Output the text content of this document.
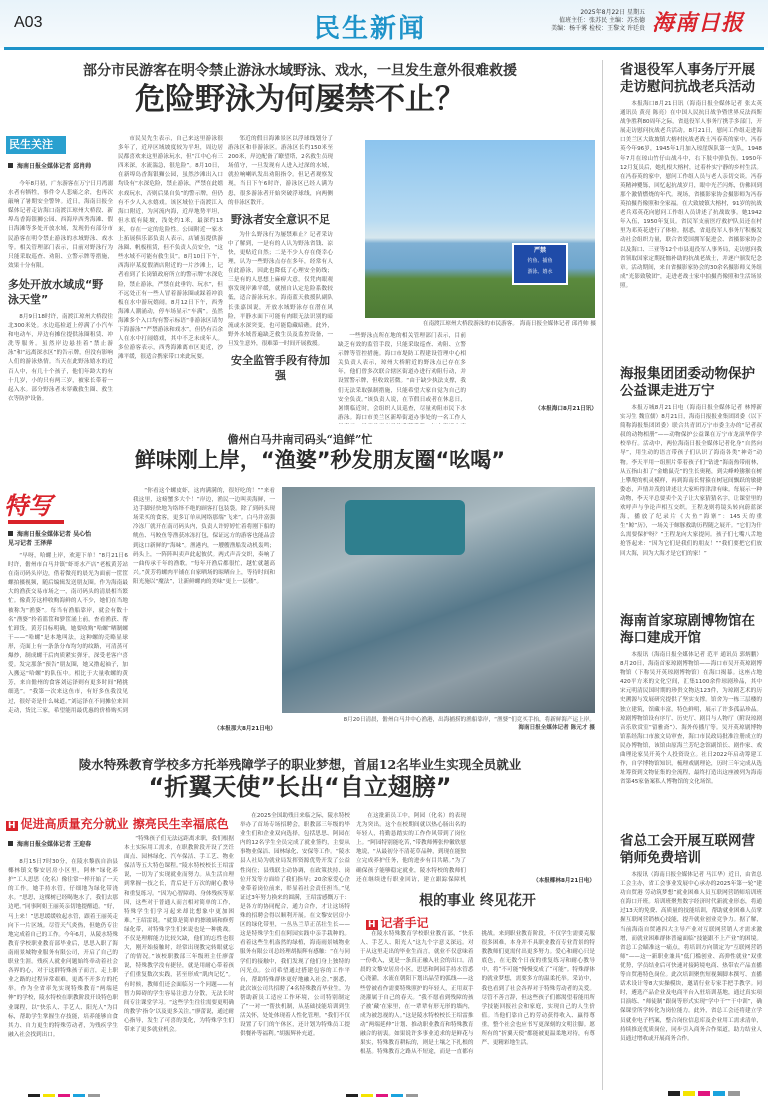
A03	民生新闻
2025年8月22日 星期五
值班主任：张苏民 主编：苏杰德
美编：杨千雾 检校：王黎文 许廷贵 海南日报
部分市民游客在明令禁止游泳水域野泳、戏水，一旦发生意外很难救援
危险野泳为何屡禁不止？
民生关注
海南日报全媒体记者 邱肖帅

今年8月初，广东游客在万宁日月湾溺水者有牺牲，事件令人悲痛之余，也再次敲响了暑期安全警钟。近日，海南日报全媒体记者走访海口南渡江琼州大桥段、新埠岛香海银狮公园、西海岸西秀海滩、假日海滩等多处开放水域，发现仍有部分市民游客在明令禁止游泳的水域野泳、戏水等。相关管理部门表示，目前对野泳行为只能采取巡查、劝阻、立警示牌等措施，效果十分有限。

多处开放水域成“野泳天堂”

8月9日18时许，南渡江琼州大桥段往北300米处。水边巡检道上停满了小汽车和电动车，岸边有摊位提供泳圈租赁、冲洗等服务。虽然岸边悬挂着“禁止游泳”和“远离深水区”的告示牌，但没有影响人们的游泳热情。当天在此野泳嬉水的近百人中，有几十个孩子，他们年龄大的有十几岁，小的只有两三岁，被家长带着一起入水。部分野泳者未穿戴救生圈、救生衣等防护设备。

市民吴先生表示，自己来这里游泳很多年了，近岸区域坡度较为平坦，周边居民都喜欢来这里游泳玩水，但“江中心有三四米深，水流湍急，很危险”。8月10日，在新埠岛香海银狮公园，虽然沙滩出入口均设有“水深危险，禁止游泳，严禁在此嬉水戏玩水，否则后果自负”的警示牌，但仍有不少人入水嬉戏。该区域位于南渡江入海口附近，为河流内海，近岸地势平坦，但水底有陡坡，浅处约1米，最深约13米，存在一定的危险性。公园附近一家水上拓展俱乐部负责人表示，店铺虽提供游泳圈、帆板租赁，但不负责人员安全，“这些水域不可能有救生员”。8月10日下午，西海岸某度假酒店附近的一片沙滩上，记者看到了长岗镇政府所立的警示牌“水深危险，禁止游泳，严禁在此垂钓、玩水”，但不远处正有一些人冒着游泳圈或踩着冲浪板在水中游玩嬉闹。8月12日下午，西秀海滩人潮涌动，停车场显示“车满”。虽然海滩多个入口均有警示标语“非游泳区请勿下海游泳”“严禁游泳和戏水”，但仍有百余人在水中打闹嬉戏，其中不乏未成年人。多位游客表示，西秀海滩离市区更近，沙滩平缓，很适合携家带口来此玩耍。

邻近的假日海滩景区以浮球线划分了游泳区和非游泳区。游泳区长约150米至200米，岸边配备了瞭望塔，2名救生员现场值守，一旦发现有人进入过深的水域，就拉响喇叭发出劝阻指令。但记者观察发现，当日下午6时许，游泳区已经人满为患，很多游泳者开始突破浮球线，向两侧的非泳区散开。

野泳者安全意识不足

为什么野泳行为屡禁难止？记者采访中了解到，一是有的人认为野泳省钱、凉快，更贴近自然；二是不少人存在侥幸心理，认为一些野泳点存在多年，经常有人在此游泳，因此也降低了心理安全防线；三是有的人思想上麻痹大意，仅凭肉眼观察发现岸滩平缓，就擅自认定危险系数较低，适合游泳玩水。海南蓝天救援队副队长张嘉国说，开放水域野泳存在潜在风险，平静水面下可能有肉眼无法识别的暗流或水深突变，也可能隐藏暗礁。此外，野外水域普遍缺乏救生员及监控设备，一旦发生意外，很难第一时间开展救援。

安全监管手段有待加强
严禁
钓鱼、捕鱼
游泳、嬉水
在南渡江琼州大桥段游泳的市民游客。 海南日报全媒体记者 邱肖帅 摄

一些野泳点所在地的相关管理部门表示，目前缺乏有效的监管手段，只能采取巡查、劝阻、立警示牌等管控措施。海口市堤防工程建设管理中心相关负责人表示，琼州大桥附近的野泳点已存在多年，他们曾多次联合辖区街道办进行劝阻行动，并设置警示牌，但收效甚微。“由于缺少执法支撑，我们无法采取强制措施，只能希望大家自觉为自己的安全负责。”该负责人说，在节假日或者在休息日，暑期临近时，会组织人员巡查，尽量劝阻市民下水游泳。海口市美兰区新埠街道办事处的一名工作人

（本报海口8月21日讯）
儋州白马井南司码头“追鲜”忙
鲜味刚上岸，“渔婆”秒发朋友圈“吆喝”
特写
海南日报全媒体记者 吴心怡
见习记者 王泽萍

“早呀，哈螺上岸，欢迎下单！”8月21日6时许，儋州市白马井镇“虾哥水产店”老板黄芳站在南司码头岸边，借着微亮的晨光为面前一筐筐螺拍摄视频，随后编辑发送朋友圈。作为海南最大的渔获交易市场之一，南司码头的清晨相当繁忙。像黄芳这样收购海鲜的人不少，她们在当地被称为“渔婆”。每当有渔船靠岸，就会有数十名“渔婆”拎着篮筐和箩筐涌上前，查看渔获、帮忙卸货。黄芳目标明确，她要收购“哈螺”晒制螺干——“哈螺”是本地叫法，这种螺的壳略显球形，壳面上有一条条分布均匀的纹路，可清蒸可爆炒，制成螺干后肉质紧实弹牙，深受老客户喜爱。发完那条“预告”朋友圈，她又撸起袖子，加入搬运“哈螺”的队伍中。相比于大量收螺的黄芳，来自儋州的食客刘运泽则有更多时间“精挑细选”。“我第一次来这鱼市，有好多鱼我没见过，很好奇是什么味道。”刘运泽在不同摊位来回走动，货比三家，希望能用最优惠的价格购买到

“你看这个螺皮虾，这肉满满的，很好吃的！”“来看我这里，这螃蟹多大个！”岸边，渔民一边叫卖海鲜，一边手脚轻快地为络绎不绝的顾客打包装袋。除了到码头现场采买的食客，更多订单从网络那端“飞来”。白马井富强冷冻厂就开在南司码头内，负责人许婷婷忙着将刚下船的鱿鱼、马鲛鱼等渔获冰冻打包，保证远方的游客也能品尝到这口新鲜的“海味”。渔港内，一艘艘渔船发动机轰鸣；码头上，一阵阵叫卖声此起彼伏。两式声音交织，奏响了一曲传承千年的渔歌。“每年开渔后都很忙，越忙就越高兴。”黄芳将螺肉平铺在自家晒场的晾晒台上，等待时间和阳光施以“魔法”，让新鲜螺肉的美味“更上一层楼”。

（本报那大8月21日电）
8月20日清晨，儋州白马井中心渔港，出海捕捞的渔船靠岸，“渔婆”们竞买手抬，将新鲜海产运上岸。
海南日报全媒体记者 陈元才 摄
陵水特殊教育学校多方托举残障学子的职业梦想，首届12名毕业生实现全员就业
“折翼天使”长出“自立翅膀”
H 促进高质量充分就业 擦亮民生幸福底色
海南日报全媒体记者 王迎春

8月15日7时30分，在陵水黎族自治县椰林镇文黎安居房小区里，阿林“绿化养护”工人思思（化名）像往常一样开始了一天的工作。她手持水管，仔细地为绿化带浇水。“思思，这棵树已经喝饱水了，我们去那边吧。”同事阿姐王丽英亲切地提醒道。“好，马上来！”思思缓缓收起水管，跟着王丽英走向下一片区域。尽管天气炎热，但她仍专注地完成着自己的工作。今年6月，从陵水特殊教育学校职业教育部毕业后，思思入职了海南雨景城物业服务有限公司，开启了自己的职业生涯。残疾人就业问题始终牵动着社会各界的心，对于这群特殊孩子而言，走上职业之路的过程异常艰难，更离不开多方的托举。作为全省率先实现特殊教育“两端延伸”的学校，陵水特校在职教阶段开设特色职业课程，以“快乐人、手艺人、阳光人”为目标，帮助学生掌握生存技能，培养能够自食其力、自力更生的特殊劳动者，为残疾学生融入社会找到出口。

“特殊孩子们无法远距离求职，我们根据本土实际用工需求，在职教阶段开设了烹饪面点、园林绿化、汽车保洁、手工艺、物业保洁等五大特色课程。”陵水特校校长王绍雷说，一切为了实现就业而努力。从生活自理到掌握一技之长，背后是千万次的耐心教导和重复练习。“因为心智障碍、身体残疾等原因，这些对于普通人而言相对简单的工作，特殊学生们学习起来却比想象中更加困难。”王绍雷说。“就算是简单的擦玻璃和修剪绿化带，对特殊学生们来说也是一种挑战。不仅是理解能力比较欠缺，他们的忘性也很大，刚开始接触时，经常出现教完转眼就忘了的情况。”该校职教部三年级班主任廖蕾说，特殊教学没有捷径，就是用耐心带着孩子们重复数次实践，甚至形成“肌肉记忆”。有时候，教师们还会面临另一个问题——有智力障碍的学生容易注意力分散，无法长时间专注课堂学习。“这些学生往往需要更明确的教学‘指令’以及更多关注。”廖蕾说，通过耐心指导，发生了可喜的变化，为特殊学生们带来了更多就业机会。

在2025全国助残日来临之际，陵水特校举办了首场专场招聘会，职教部三年级的毕业生们和企业双向选择，包括思思、阿园在内的12名学生全员完成了就业签约，主要从事物业保洁、园林绿化、安保等工作。“陵水县人社局为就业局发挥资源优势开发了公益性岗位；县残联主动协调，在政策扶持、岗位开发等方面给了我们指导；20余家爱心企业带着岗位前来，彰显着社会责任担当。”见证过3年努力换来的圆满，王绍雷感慨万千：是各方的协同配合，通力合作，才让这场特殊的招聘会得以顺利开展。在文黎安居房小区的绿化带里，一丛丛兰草正茁壮生长——这是特殊学生们在阿园实践中亲手栽种的。看着这些生机盎然的绿植，海南雨景城物业服务有限公司总经理胡振辉有感触：“在与同学们的接触中，我们发现了他们身上独特的闪光点。公司希望通过搭建包容的工作平台，帮助特殊群体更好地融入社会。”据悉，此次该公司共招聘了4名特殊教育毕业生。为帮助新员工适应工作环境，公司特别制定了“一对一”帮扶机制，从基础技能培训到生活关怀，处处体现着人性化管理。“我们不仅设置了专门的午休区，还计划为特殊员工提供餐补等福利。”胡振辉补充道。

在这批新员工中，阿园（化名）的表现尤为突出。这个在校期间就以热心肠出名的年轻人，将勤恳踏实的工作作风带到了岗位上。“阿园特别能吃苦，”带教师傅张仲徽欣慰地说，“从最初分不清花草品种，到现在能独立完成养护任务，他的进步有目共睹。”为了确保孩子能够稳定就业，陵水特校的教师们还在继续进行职业回访，建立跟踪保障机	（本报椰林8月21日电）
根的事业 终见花开
H 记者手记

在陵水特殊教育学校职业教育部，“快乐人、手艺人、阳光人”这九个字意义深远。对于从这里走出的毕业生而言，就业不仅意味着一份收入，更是一条真正融入社会的出口。清晨的文黎安居房小区，思思和阿园手持水管悉心浇灌，水流在朝阳下划出晶莹的弧线——这些曾被看作需要特殊照护的年轻人，正用双手浇灌属于自己的春天。“我不愿看到残障的孩子被‘藏’在家里，在一辈辈有形无形的墙内，成为被忽视的人。”这是陵水特校校长王绍雷推动“两端延伸”计划、推动职业教育和特殊教育融合的初衷。如果说许多事业追求的是鲜花与果实，特殊教育耕耘的，则是土壤之下扎根的根基。特殊教育之路从不短途，而是一直都有挑战。来到职业教育阶段，不仅学生需要克服很多困难，本身并不具职业教育专业背景的特教教师们更需付出更多努力。爱心和耐心只是底色，在无数个日夜的重复练习和耐心教导中，将“不可能”慢慢变成了“可能”。特殊群体的就业梦想，需要多方的温柔托举。采访中，我也看到了社会各界对于特殊劳动者的关爱。尽管不善言辞，但这些孩子们都渴望着能用所学技能回报社会和家庭，实现自己的人生价值。当他们靠自己的劳动获得收入、赢得尊重，整个社会也应书写更深刻的文明注脚。愿所有的“折翼天使”都能被更温柔地对待，有尊严、更精彩地生活。

省退役军人事务厅开展走访慰问抗战老兵活动

本报海口8月21日讯（海南日报全媒体记者 张太英 通讯员 黄亮 陈亮）在中国人民抗日战争暨世界反法西斯战争胜利80周年之际，省退役军人事务厅携手多部门，开展走访慰问抗战老兵活动。8月21日，慰问工作组走进海口美兰区大致坡镇大榕村抗战老战士冯春英的家中。冯春英今年96岁，1945年1月加入琼崖纵队第一支队，1948年7月在琼山竹仔山战斗中，右下肢中弹负伤。1950年12月复员后，她扎根大榕村，过着朴实宁静的乡村生活。在冯春英的家中，慰问工作组人员与老人亲切交谈。冯春英精神矍铄，回忆起抗战岁月，眼中光芒闪烁，仿佛回到那个激情燃烧的年代。现场，省摄影家协会摄影师为冯春英拍摄肖像照和全家福。在大致坡镇大榕村，91岁的抗战老兵邓英花向慰问工作组人员讲述了抗战故事。她1942年入伍，1950年复员。省民军支前医疗救护队员还在村里为邓英花进行了体检。据悉，省退役军人事务厅积极发动社会组织力量，联合省爱国拥军促进会、省摄影家协会以及海口、三亚等12个市县退役军人事务局，走访慰问我省领取国家定期抚恤补助的抗战老战士，并逐户颁发纪念章。活动期间，来自省摄影家协会的30余名摄影师义务组成“光影致敬团”，走进老战士家中拍摄肖像照和生活场景照。

海报集团团委动物保护公益课走进万宁

本报万城8月21日电（海南日报全媒体记者 林博新 实习生 魏宣儒）8月21日，海南日报报业集团团委（以下简称海报集团团委）联合共青团万宁市委主办的“记者叔叔的动物相册”——动物保护公益课在万宁市龙滚华侨学校举行。活动中，两位海南日报全媒体记者化身“自然向导”，用生动的语言带孩子们认识了海南各类“神奇”动物。李天平用一组照片带着孩子们“钻进”海南热带雨林，从五指山扣了“金蟾鼠壳”的生长奥秘，到尖峰岭猕猴在树上攀爬的机灵模样，再到海南长臂猿在树冠间飘跃的敏捷姿态，声情并茂的讲述让大家听得津津有味。每展示一种动物，李天平总要卖个关子让大家猜猜名字，让课堂里的欢呼声与争论声相互交织。王程龙则将镜头转向蔚蓝深海，播放了纪录片《大鱼“海寨”：145天的重生“鲸”历》，一场关于鲸豚救助历程随之展开。“它们为什么需要保护呀？”王程龙向大家提问。孩子们七嘴八舌地抢答起来：“因为它们是我们的朋友！”“我们要把它们放回大海，因为大海才是它们的家！”

海南首家琼剧博物馆在海口建成开馆

本报讯（海南日报全媒体记者 范平 通讯员 郭炳鹏）8月20日，海南首家琼剧博物馆——海口市吴开英琼剧博物馆（下称吴开英琼剧博物馆）在海口揭幕。这座占地420平方米的文化空间，汇集1100余件琼剧珍品，其中宋元明清民国时期的珍贵文物达123件，为琼剧艺术的历史溯源与发展研究提供了坚实支撑。馆舍为一栋三层楼的独立建筑，馆藏丰富，特色鲜明，展示了许多孤品珍品。琼剧博物馆设有序厅、历史厅、剧目与人物厅（附设琼剧音乐欣赏室“留雅斋”）、海外传播厅等。吴开英琼剧博物馆系经海口市旅文局审查，海口市民政局批准注册成立的民办博物馆，该馆由原海兰芳纪念馆副馆长、剧作家、戏曲理论家吴开英个人投资设立。社日2022年启动筹建工作，自学博物馆知识，梳理戏剧理论，历时三年完成从选址筹资到文物征集的全流程，最终打造出这座被列为海南省第45家备案私人博物馆的文化场馆。

省总工会开展互联网营销师免费培训

本报讯（海南日报全媒体记者 马江华）近日，由省总工会主办，省工会事业发展中心承办的2025年第一轮“建功自贸港 劳动筑梦想”就业困难人员互联网营销师培训班在海口开班。培训班聚焦数字经济时代新就业形态，将通过13天的免费、高质量的技能培训，帮助就业困难人员掌握互联网营销核心技能，提升就业创业竞争力。据了解，当前海南自贸港四大主导产业对互联网营销人才需求激增，而就业困难群体普遍面临“技能跟不上产业”的困境。省总工会瞄准这一痛点，将培训方向锁定为“互联网营销师”——这一新职业兼具“低门槛创业、高弹性就业”双重优势，学员结业后可快速对接跨境电商、热带农产品直播等自贸港特色岗位。此次培训聚焦短视频脚本撰写、直播话术设计等8大实操模块，邀请行业专家手把手教学。同时，遴选产品企业及电商平台入驻培训基地，通过真实项目演练、“师徒制”跟岗等形式实现“学中干”“干中训”，确保课堂所学转化为岗位能力。此外，省总工会还将建立学员就业电子档案，整合岗位信息库及企业用工需求清单，持续推送优质岗位，同步引入商务合作渠道，助力结业人员通过增收或开展商务合作。
